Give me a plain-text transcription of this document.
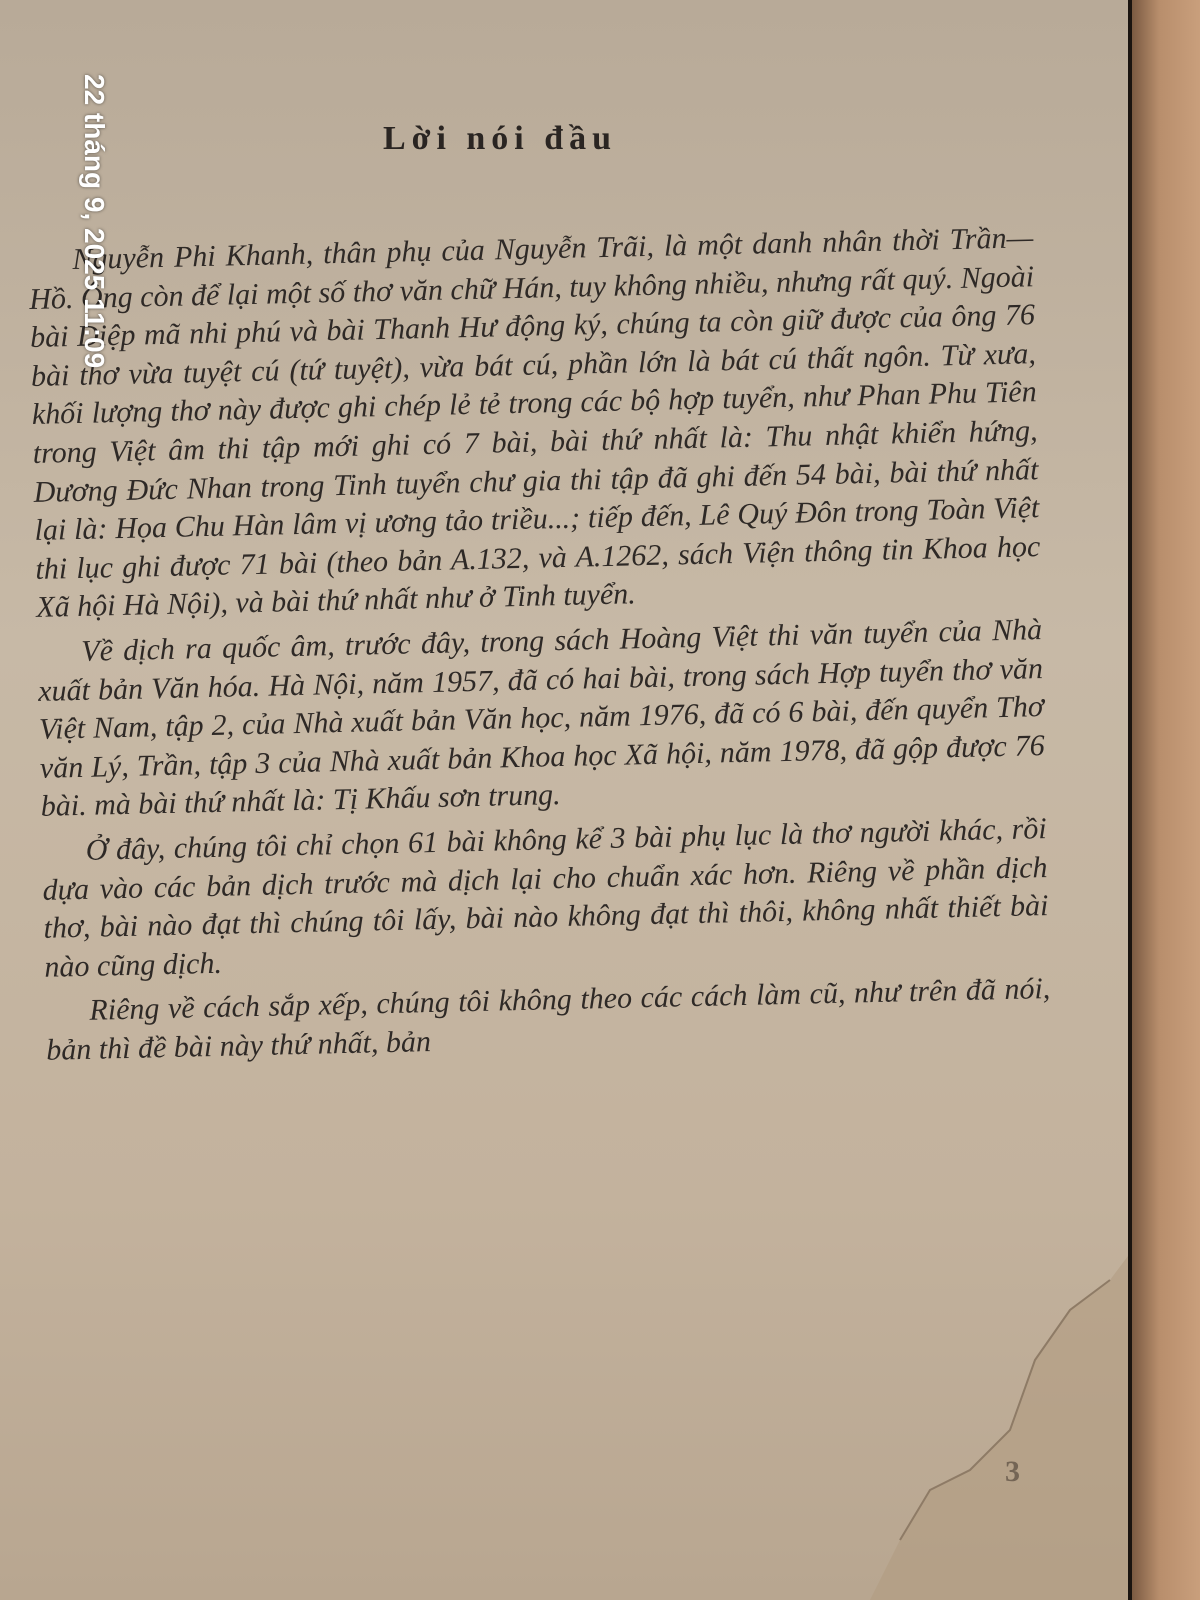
Lời nói đầu

Nguyễn Phi Khanh, thân phụ của Nguyễn Trãi, là một danh nhân thời Trần—Hồ. Ông còn để lại một số thơ văn chữ Hán, tuy không nhiều, nhưng rất quý. Ngoài bài Diệp mã nhi phú và bài Thanh Hư động ký, chúng ta còn giữ được của ông 76 bài thơ vừa tuyệt cú (tứ tuyệt), vừa bát cú, phần lớn là bát cú thất ngôn. Từ xưa, khối lượng thơ này được ghi chép lẻ tẻ trong các bộ hợp tuyển, như Phan Phu Tiên trong Việt âm thi tập mới ghi có 7 bài, bài thứ nhất là: Thu nhật khiển hứng, Dương Đức Nhan trong Tinh tuyển chư gia thi tập đã ghi đến 54 bài, bài thứ nhất lại là: Họa Chu Hàn lâm vị ương tảo triều...; tiếp đến, Lê Quý Đôn trong Toàn Việt thi lục ghi được 71 bài (theo bản A.132, và A.1262, sách Viện thông tin Khoa học Xã hội Hà Nội), và bài thứ nhất như ở Tinh tuyển.

Về dịch ra quốc âm, trước đây, trong sách Hoàng Việt thi văn tuyển của Nhà xuất bản Văn hóa. Hà Nội, năm 1957, đã có hai bài, trong sách Hợp tuyển thơ văn Việt Nam, tập 2, của Nhà xuất bản Văn học, năm 1976, đã có 6 bài, đến quyển Thơ văn Lý, Trần, tập 3 của Nhà xuất bản Khoa học Xã hội, năm 1978, đã gộp được 76 bài. mà bài thứ nhất là: Tị Khấu sơn trung.

Ở đây, chúng tôi chỉ chọn 61 bài không kể 3 bài phụ lục là thơ người khác, rồi dựa vào các bản dịch trước mà dịch lại cho chuẩn xác hơn. Riêng về phần dịch thơ, bài nào đạt thì chúng tôi lấy, bài nào không đạt thì thôi, không nhất thiết bài nào cũng dịch.

Riêng về cách sắp xếp, chúng tôi không theo các cách làm cũ, như trên đã nói, bản thì đề bài này thứ nhất, bản

22 tháng 9, 2025 11:09
